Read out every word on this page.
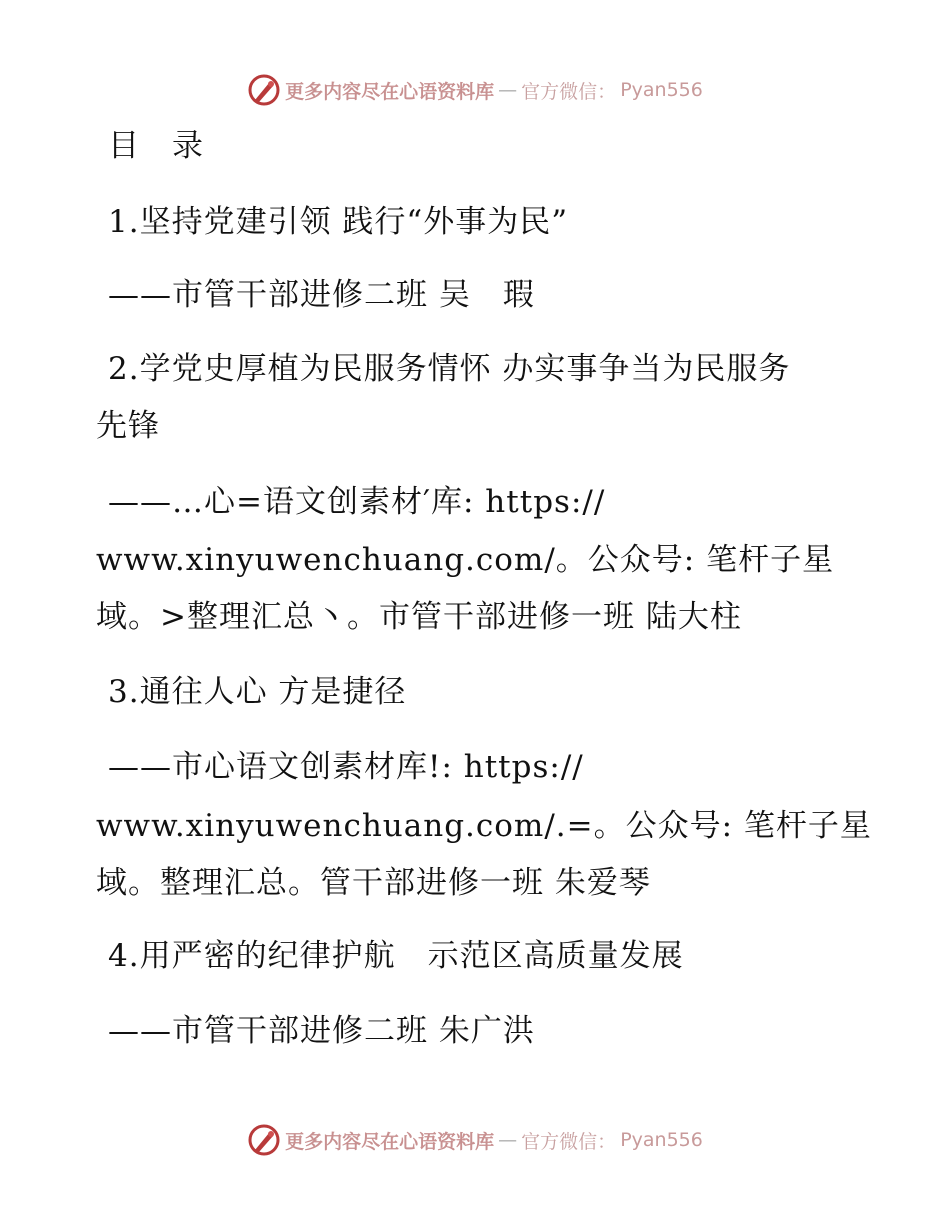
更多内容尽在心语资料库 — 官方微信： Pyan556
目　录
1.坚持党建引领 践行“外事为民”
——市管干部进修二班 吴　瑕
2.学党史厚植为民服务情怀 办实事争当为民服务
先锋
——…心=语文创素材′库: https://
www.xinyuwenchuang.com/。公众号: 笔杆子星
域。>整理汇总丶。市管干部进修一班 陆大柱
3.通往人心 方是捷径
——市心语文创素材库!: https://
www.xinyuwenchuang.com/.=。公众号: 笔杆子星
域。整理汇总。管干部进修一班 朱爱琴
4.用严密的纪律护航　示范区高质量发展
——市管干部进修二班 朱广洪
更多内容尽在心语资料库 — 官方微信： Pyan556
